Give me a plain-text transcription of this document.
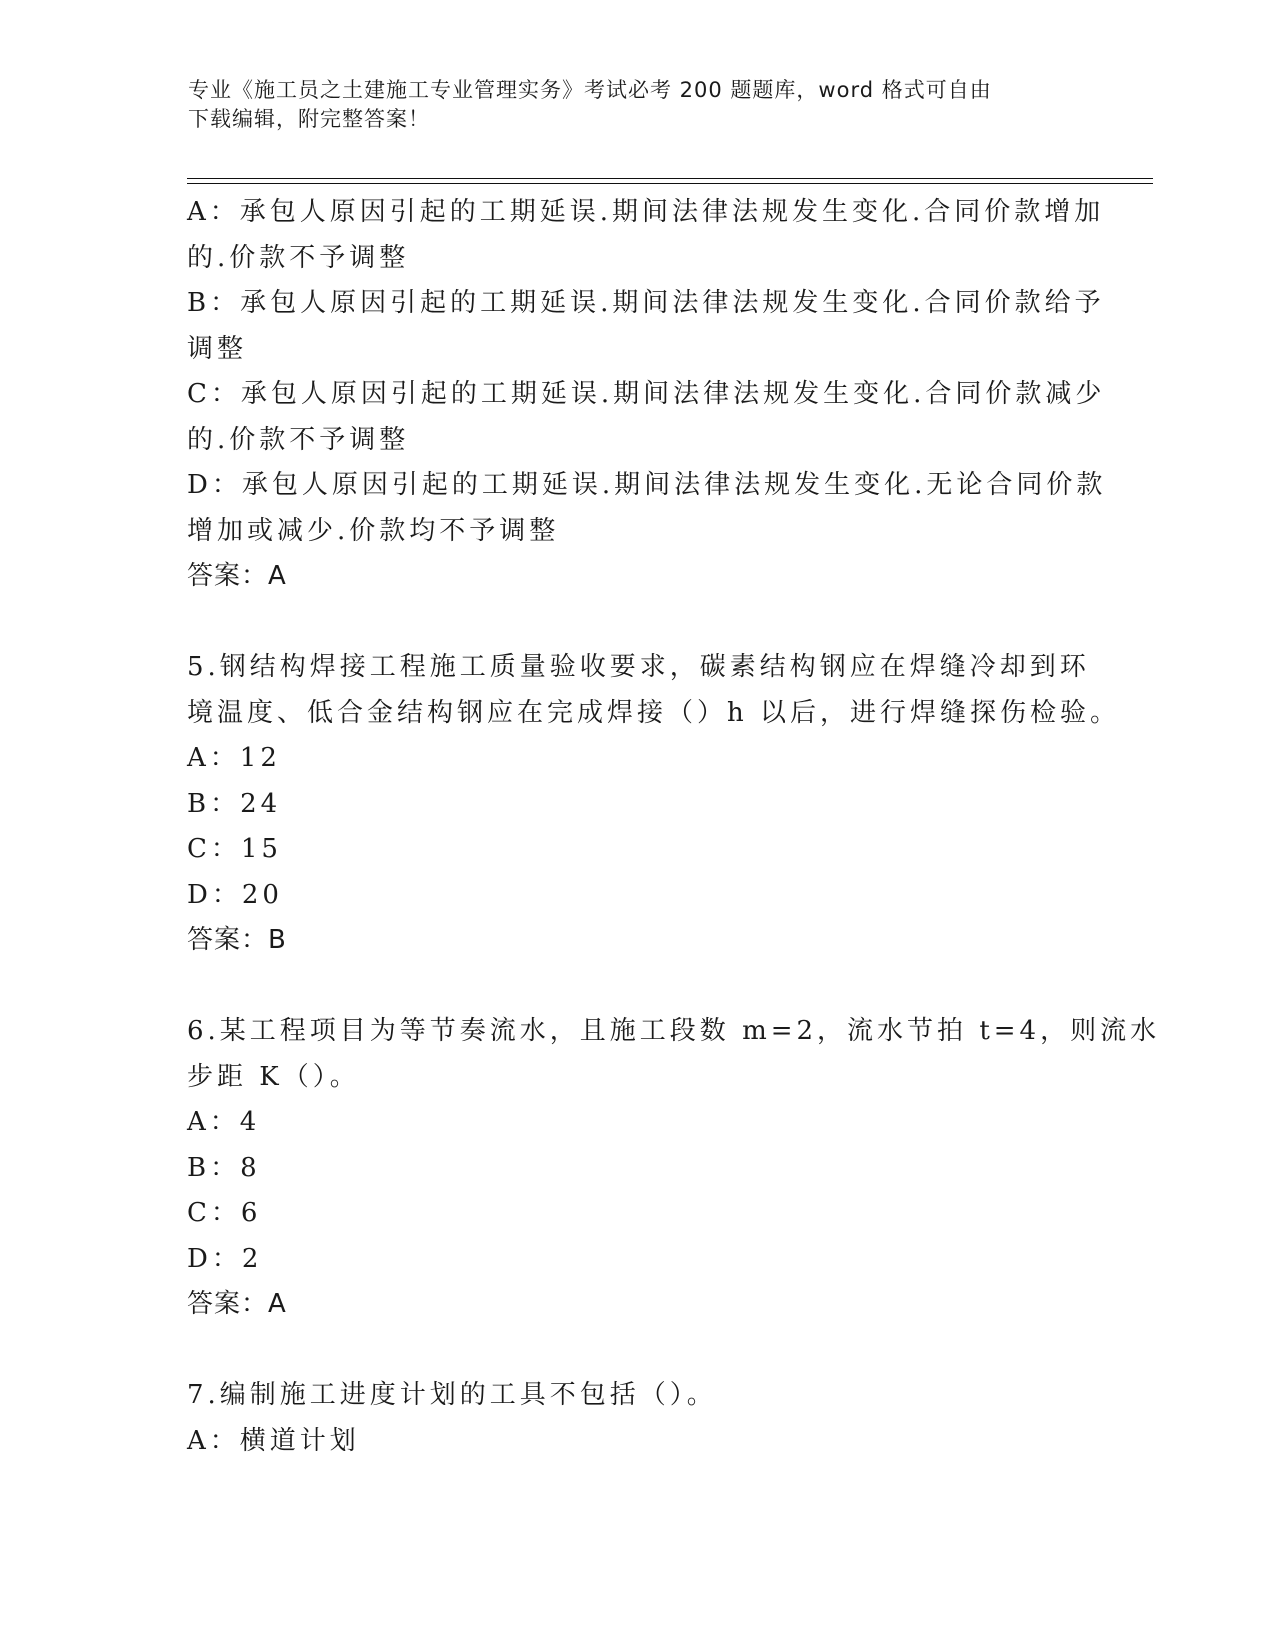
专业《施工员之土建施工专业管理实务》考试必考 200 题题库，word 格式可自由
下载编辑，附完整答案！
A：承包人原因引起的工期延误.期间法律法规发生变化.合同价款增加
的.价款不予调整
B：承包人原因引起的工期延误.期间法律法规发生变化.合同价款给予
调整
C：承包人原因引起的工期延误.期间法律法规发生变化.合同价款减少
的.价款不予调整
D：承包人原因引起的工期延误.期间法律法规发生变化.无论合同价款
增加或减少.价款均不予调整
答案：A
5.钢结构焊接工程施工质量验收要求，碳素结构钢应在焊缝冷却到环
境温度、低合金结构钢应在完成焊接（）h 以后，进行焊缝探伤检验。
A：12
B：24
C：15
D：20
答案：B
6.某工程项目为等节奏流水，且施工段数 m=2，流水节拍 t=4，则流水
步距 K（）。
A：4
B：8
C：6
D：2
答案：A
7.编制施工进度计划的工具不包括（）。
A：横道计划
